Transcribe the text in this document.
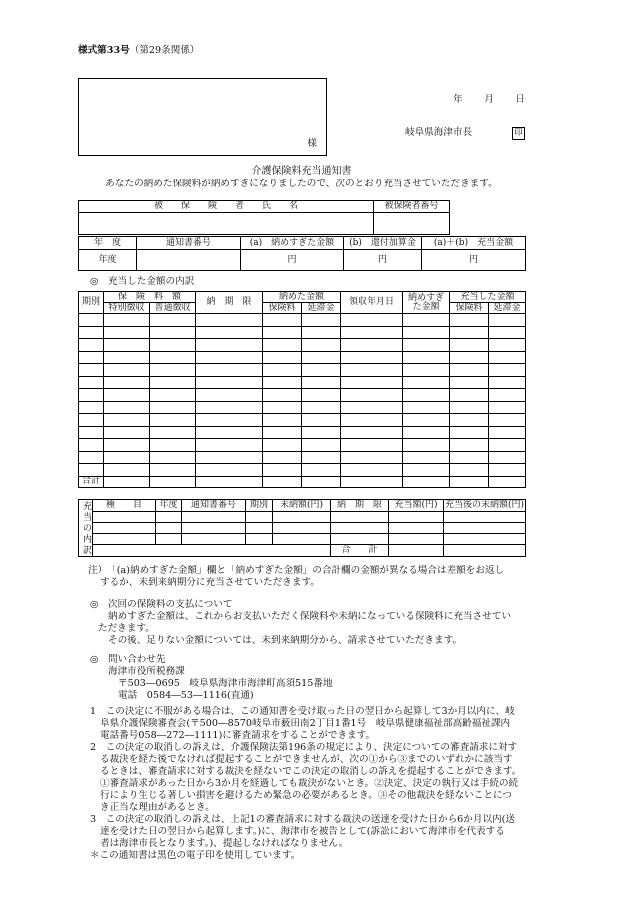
様式第33号（第29条関係）
様
年 月 日
岐阜県海津市長	印
介護保険料充当通知書
あなたの納めた保険料が納めすぎになりましたので、次のとおり充当させていただきます。
被　　保　　険　　者　　氏　　名	被保険者番号

年　度	通知書番号	(a)　納めすぎた金額	(b)　還付加算金	(a)＋(b)　充当金額
年度		円	円	円
◎　充当した金額の内訳
期別	保　険　料　額		納　期　限	納めた金額		領収年月日	納めすぎ
た金額	充当した金額	
	特別徴収	普通徴収		保険料	延滞金			保険料	延滞金

合計									
充当の内訳	種　　目	年度	通知書番号	期別	未納額(円)	納　期　限	充当額(円)	充当後の未納額(円)

						合　　計		
注）　「(a)納めすぎた金額」欄と「納めすぎた金額」の合計欄の金額が異なる場合は差額をお返し
するか、未到来納期分に充当させていただきます。
◎　次回の保険料の支払について
納めすぎた金額は、これからお支払いただく保険料や未納になっている保険料に充当させてい
ただきます。
その後、足りない金額については、未到来納期分から、請求させていただきます。
◎　問い合わせ先
海津市役所税務課
〒503―0695　岐阜県海津市海津町高須515番地
電話　0584―53―1116(直通)
1　この決定に不服がある場合は、この通知書を受け取った日の翌日から起算して3か月以内に、岐
阜県介護保険審査会(〒500―8570岐阜市薮田南2丁目1番1号　岐阜県健康福祉部高齢福祉課内
電話番号058―272―1111)に審査請求をすることができます。
2　この決定の取消しの訴えは、介護保険法第196条の規定により、決定についての審査請求に対す
る裁決を経た後でなければ提起することができませんが、次の①から③までのいずれかに該当す
るときは、審査請求に対する裁決を経ないでこの決定の取消しの訴えを提起することができます。
①審査請求があった日から3か月を経過しても裁決がないとき。②決定、決定の執行又は手続の続
行により生じる著しい損害を避けるため緊急の必要があるとき。③その他裁決を経ないことにつ
き正当な理由があるとき。
3　この決定の取消しの訴えは、上記1の審査請求に対する裁決の送達を受けた日から6か月以内(送
達を受けた日の翌日から起算します。)に、海津市を被告として(訴訟において海津市を代表する
者は海津市長となります。)、提起しなければなりません。
＊この通知書は黒色の電子印を使用しています。
